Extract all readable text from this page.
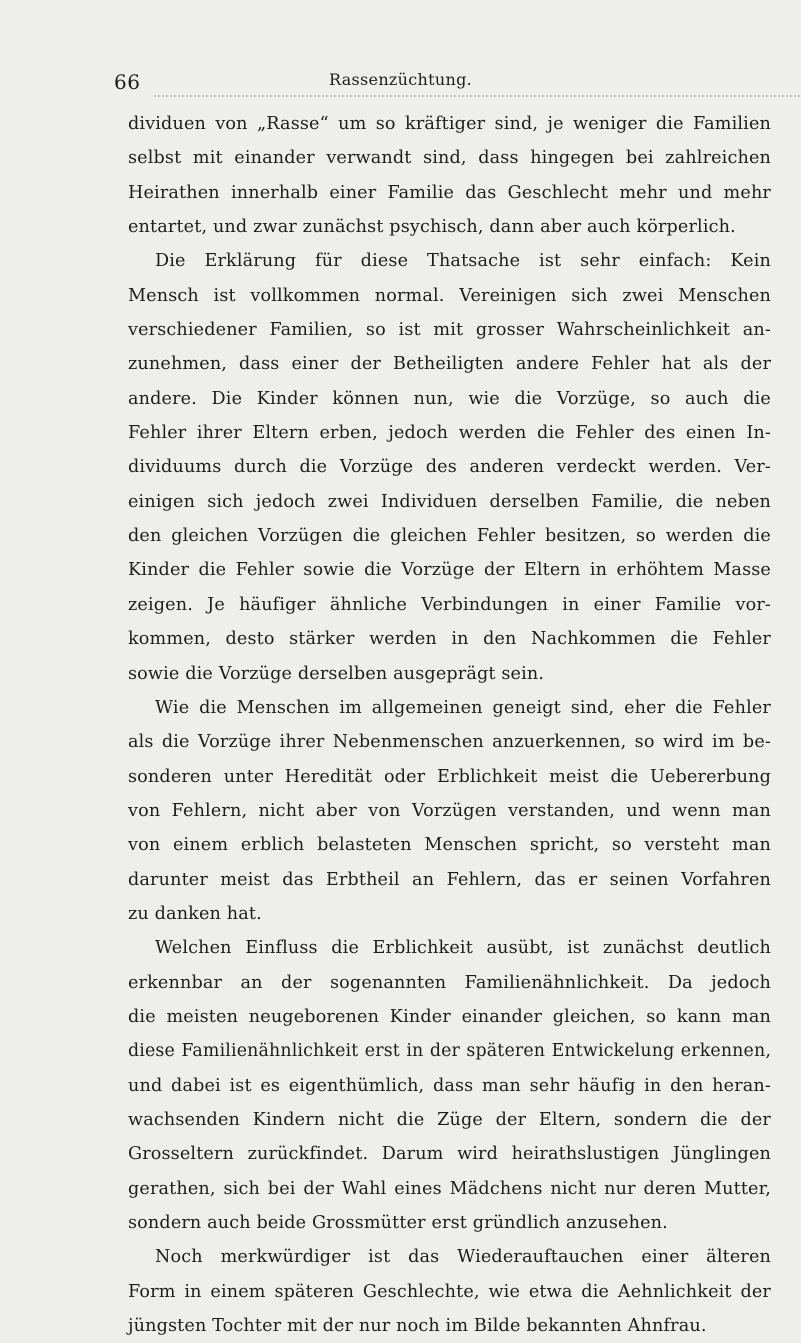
66	Rassenzüchtung.
dividuen von „Rasse“ um so kräftiger sind, je weniger die Familien
selbst mit einander verwandt sind, dass hingegen bei zahlreichen
Heirathen innerhalb einer Familie das Geschlecht mehr und mehr
entartet, und zwar zunächst psychisch, dann aber auch körperlich.
Die Erklärung für diese Thatsache ist sehr einfach: Kein
Mensch ist vollkommen normal. Vereinigen sich zwei Menschen
verschiedener Familien, so ist mit grosser Wahrscheinlichkeit an-
zunehmen, dass einer der Betheiligten andere Fehler hat als der
andere. Die Kinder können nun, wie die Vorzüge, so auch die
Fehler ihrer Eltern erben, jedoch werden die Fehler des einen In-
dividuums durch die Vorzüge des anderen verdeckt werden. Ver-
einigen sich jedoch zwei Individuen derselben Familie, die neben
den gleichen Vorzügen die gleichen Fehler besitzen, so werden die
Kinder die Fehler sowie die Vorzüge der Eltern in erhöhtem Masse
zeigen. Je häufiger ähnliche Verbindungen in einer Familie vor-
kommen, desto stärker werden in den Nachkommen die Fehler
sowie die Vorzüge derselben ausgeprägt sein.
Wie die Menschen im allgemeinen geneigt sind, eher die Fehler
als die Vorzüge ihrer Nebenmenschen anzuerkennen, so wird im be-
sonderen unter Heredität oder Erblichkeit meist die Uebererbung
von Fehlern, nicht aber von Vorzügen verstanden, und wenn man
von einem erblich belasteten Menschen spricht, so versteht man
darunter meist das Erbtheil an Fehlern, das er seinen Vorfahren
zu danken hat.
Welchen Einfluss die Erblichkeit ausübt, ist zunächst deutlich
erkennbar an der sogenannten Familienähnlichkeit. Da jedoch
die meisten neugeborenen Kinder einander gleichen, so kann man
diese Familienähnlichkeit erst in der späteren Entwickelung erkennen,
und dabei ist es eigenthümlich, dass man sehr häufig in den heran-
wachsenden Kindern nicht die Züge der Eltern, sondern die der
Grosseltern zurückfindet. Darum wird heirathslustigen Jünglingen
gerathen, sich bei der Wahl eines Mädchens nicht nur deren Mutter,
sondern auch beide Grossmütter erst gründlich anzusehen.
Noch merkwürdiger ist das Wiederauftauchen einer älteren
Form in einem späteren Geschlechte, wie etwa die Aehnlichkeit der
jüngsten Tochter mit der nur noch im Bilde bekannten Ahnfrau.
